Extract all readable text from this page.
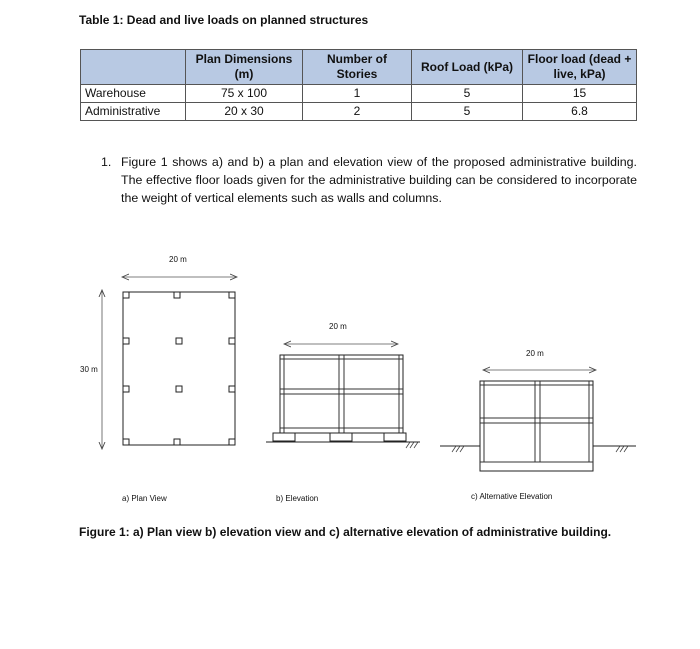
Table 1: Dead and live loads on planned structures
	Plan Dimensions (m)	Number of Stories	Roof Load (kPa)	Floor load (dead + live, kPa)
Warehouse	75 x 100	1	5	15
Administrative	20 x 30	2	5	6.8
1. Figure 1 shows a) and b) a plan and elevation view of the proposed administrative building. The effective floor loads given for the administrative building can be considered to incorporate the weight of vertical elements such as walls and columns.
20 m
30 m
20 m
20 m
a) Plan View	b) Elevation	c) Alternative Elevation
Figure 1: a) Plan view b) elevation view and c) alternative elevation of administrative building.
